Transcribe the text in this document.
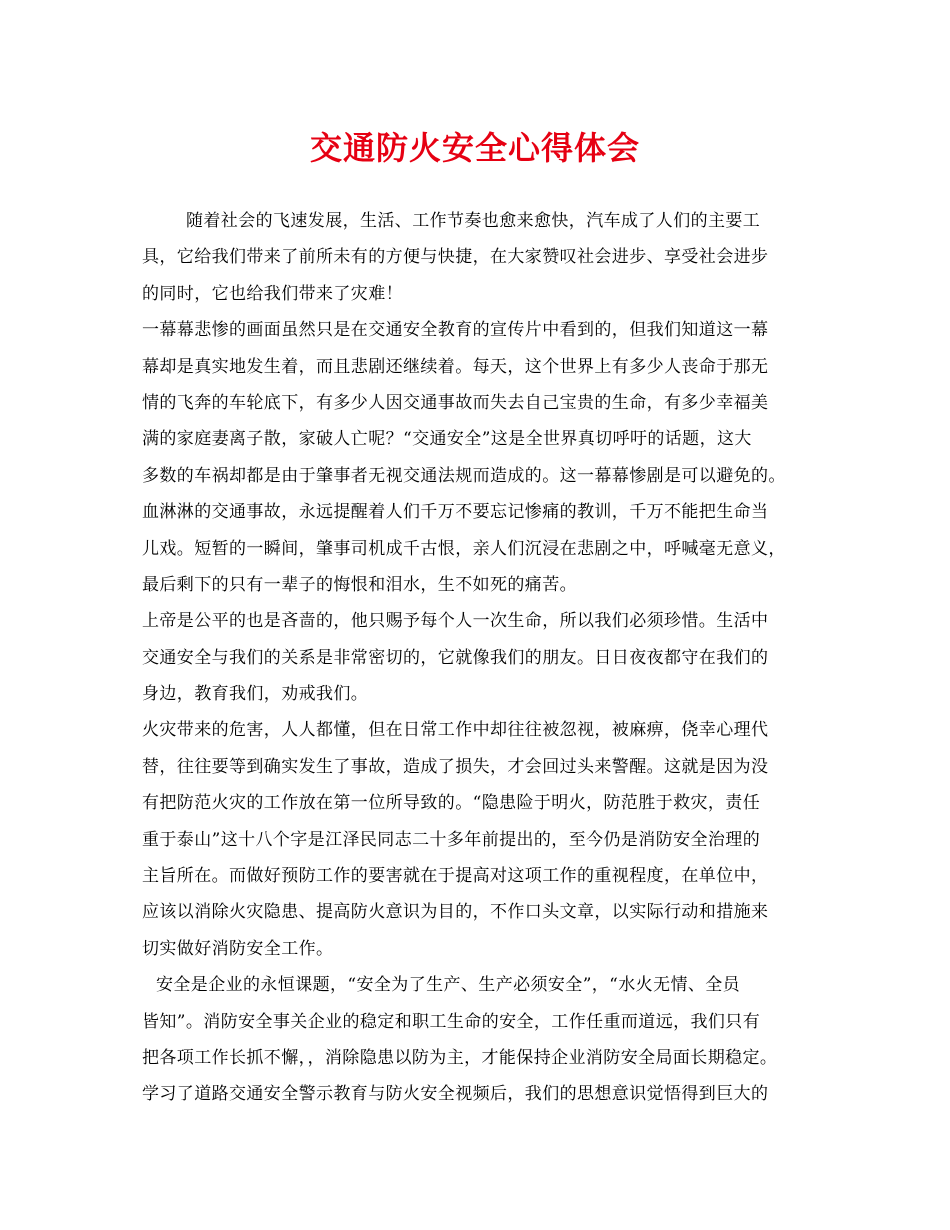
交通防火安全心得体会
随着社会的飞速发展，生活、工作节奏也愈来愈快，汽车成了人们的主要工
具，它给我们带来了前所未有的方便与快捷，在大家赞叹社会进步、享受社会进步
的同时，它也给我们带来了灾难！
一幕幕悲惨的画面虽然只是在交通安全教育的宣传片中看到的，但我们知道这一幕
幕却是真实地发生着，而且悲剧还继续着。每天，这个世界上有多少人丧命于那无
情的飞奔的车轮底下，有多少人因交通事故而失去自己宝贵的生命，有多少幸福美
满的家庭妻离子散，家破人亡呢？“交通安全”这是全世界真切呼吁的话题，这大
多数的车祸却都是由于肇事者无视交通法规而造成的。这一幕幕惨剧是可以避免的。
血淋淋的交通事故，永远提醒着人们千万不要忘记惨痛的教训，千万不能把生命当
儿戏。短暂的一瞬间，肇事司机成千古恨，亲人们沉浸在悲剧之中，呼喊毫无意义，
最后剩下的只有一辈子的悔恨和泪水，生不如死的痛苦。
上帝是公平的也是吝啬的，他只赐予每个人一次生命，所以我们必须珍惜。生活中
交通安全与我们的关系是非常密切的，它就像我们的朋友。日日夜夜都守在我们的
身边，教育我们，劝戒我们。
火灾带来的危害，人人都懂，但在日常工作中却往往被忽视，被麻痹，侥幸心理代
替，往往要等到确实发生了事故，造成了损失，才会回过头来警醒。这就是因为没
有把防范火灾的工作放在第一位所导致的。“隐患险于明火，防范胜于救灾，责任
重于泰山”这十八个字是江泽民同志二十多年前提出的，至今仍是消防安全治理的
主旨所在。而做好预防工作的要害就在于提高对这项工作的重视程度，在单位中，
应该以消除火灾隐患、提高防火意识为目的，不作口头文章，以实际行动和措施来
切实做好消防安全工作。
安全是企业的永恒课题，“安全为了生产、生产必须安全”，“水火无情、全员
皆知”。消防安全事关企业的稳定和职工生命的安全，工作任重而道远，我们只有
把各项工作长抓不懈，，消除隐患以防为主，才能保持企业消防安全局面长期稳定。
学习了道路交通安全警示教育与防火安全视频后，我们的思想意识觉悟得到巨大的
